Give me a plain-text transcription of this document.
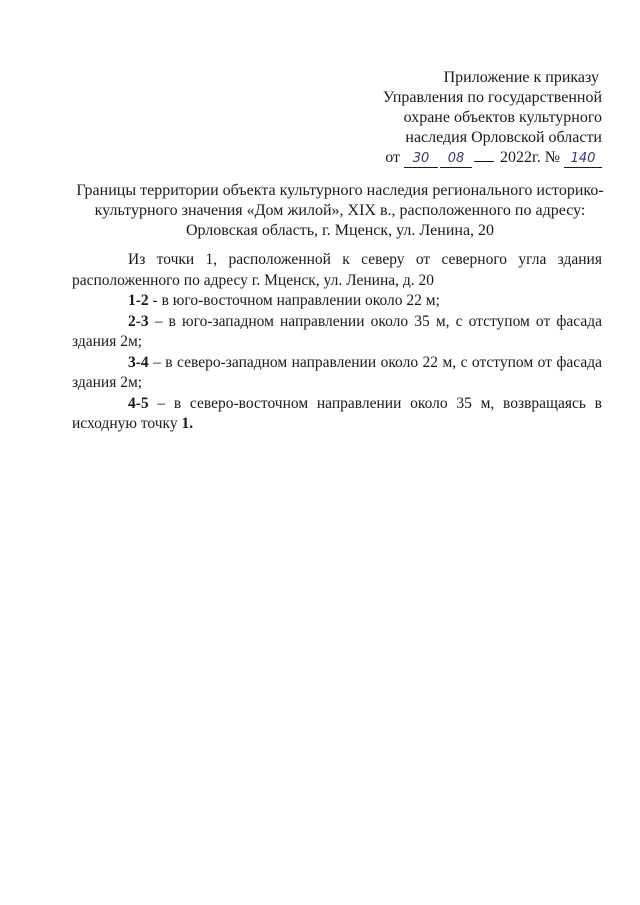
Приложение к приказу
Управления по государственной
охране объектов культурного
наследия Орловской области
от 30 08 2022г. № 140
Границы территории объекта культурного наследия регионального историко-
культурного значения «Дом жилой», XIX в., расположенного по адресу:
Орловская область, г. Мценск, ул. Ленина, 20
Из точки 1, расположенной к северу от северного угла здания
расположенного по адресу г. Мценск, ул. Ленина, д. 20
1-2 - в юго-восточном направлении около 22 м;
2-3 – в юго-западном направлении около 35 м, с отступом от фасада
здания 2м;
3-4 – в северо-западном направлении около 22 м, с отступом от фасада
здания 2м;
4-5 – в северо-восточном направлении около 35 м, возвращаясь в
исходную точку 1.
